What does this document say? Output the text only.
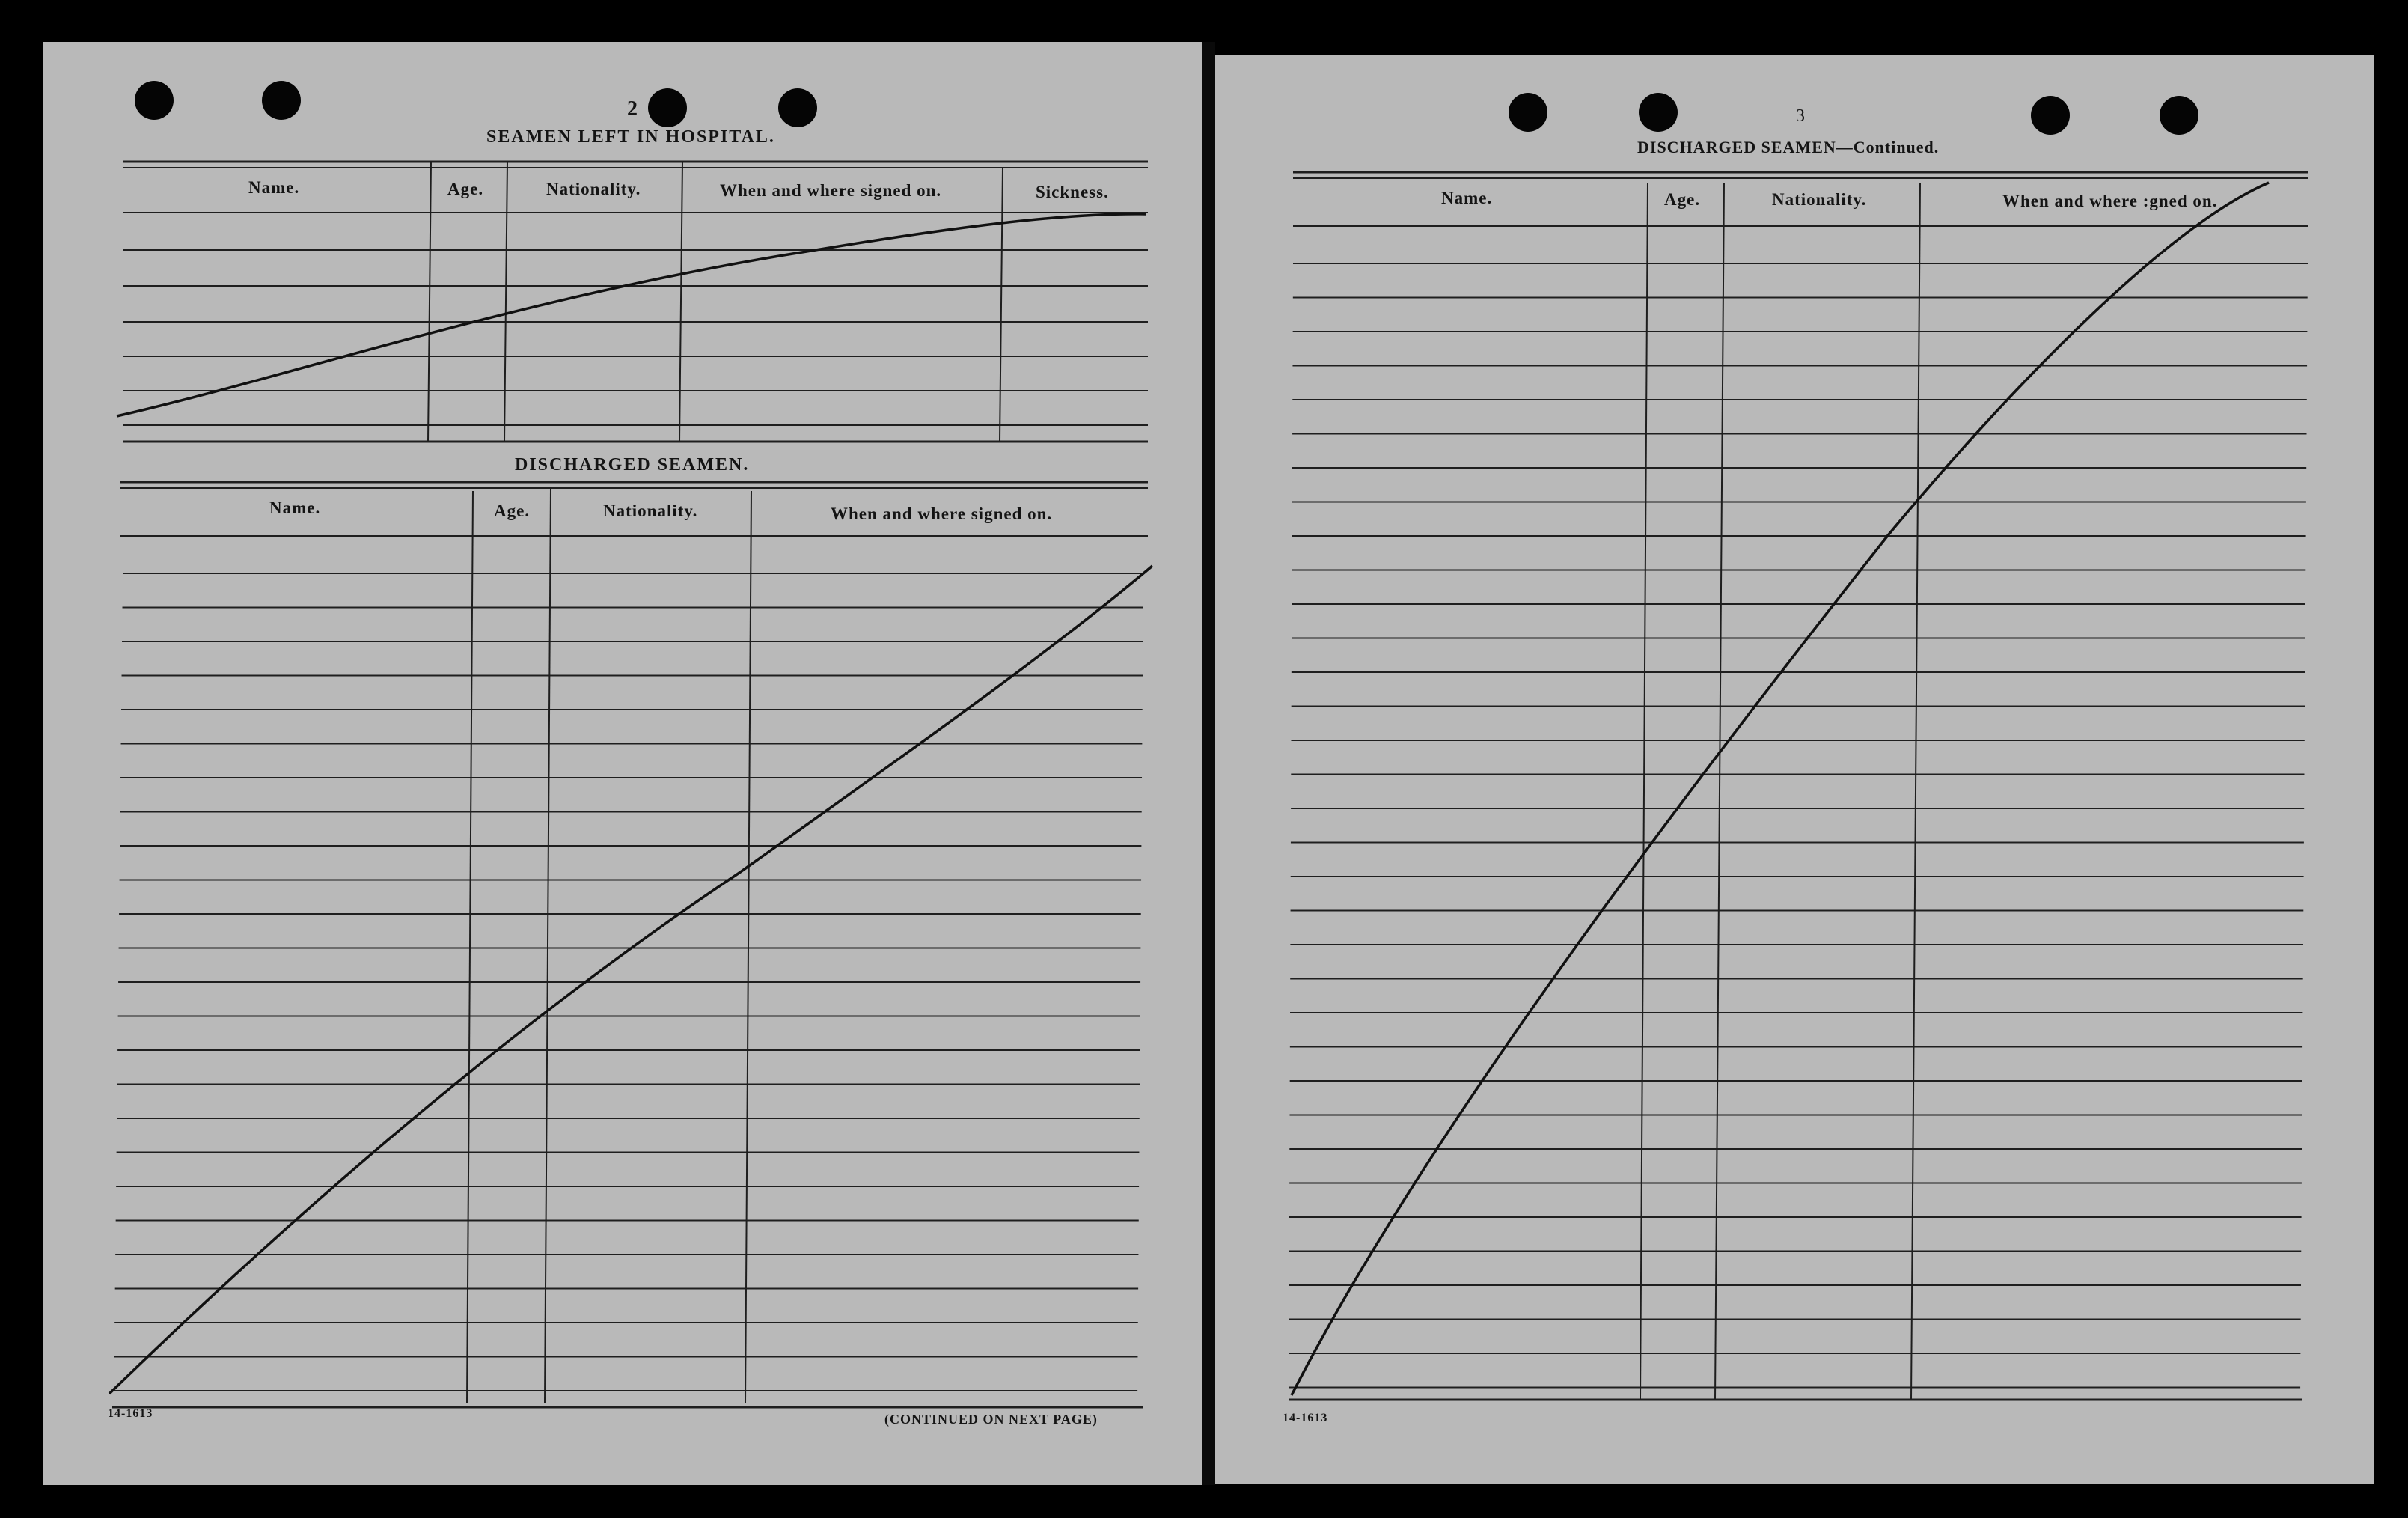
2
SEAMEN LEFT IN HOSPITAL.
Name.	Age.	Nationality.	When and where signed on.	Sickness.
DISCHARGED SEAMEN.
Name.	Age.	Nationality.	When and where signed on.
14-1613	(CONTINUED ON NEXT PAGE)
3
DISCHARGED SEAMEN—Continued.
Name.	Age.	Nationality.	When and where :gned on.
14-1613
